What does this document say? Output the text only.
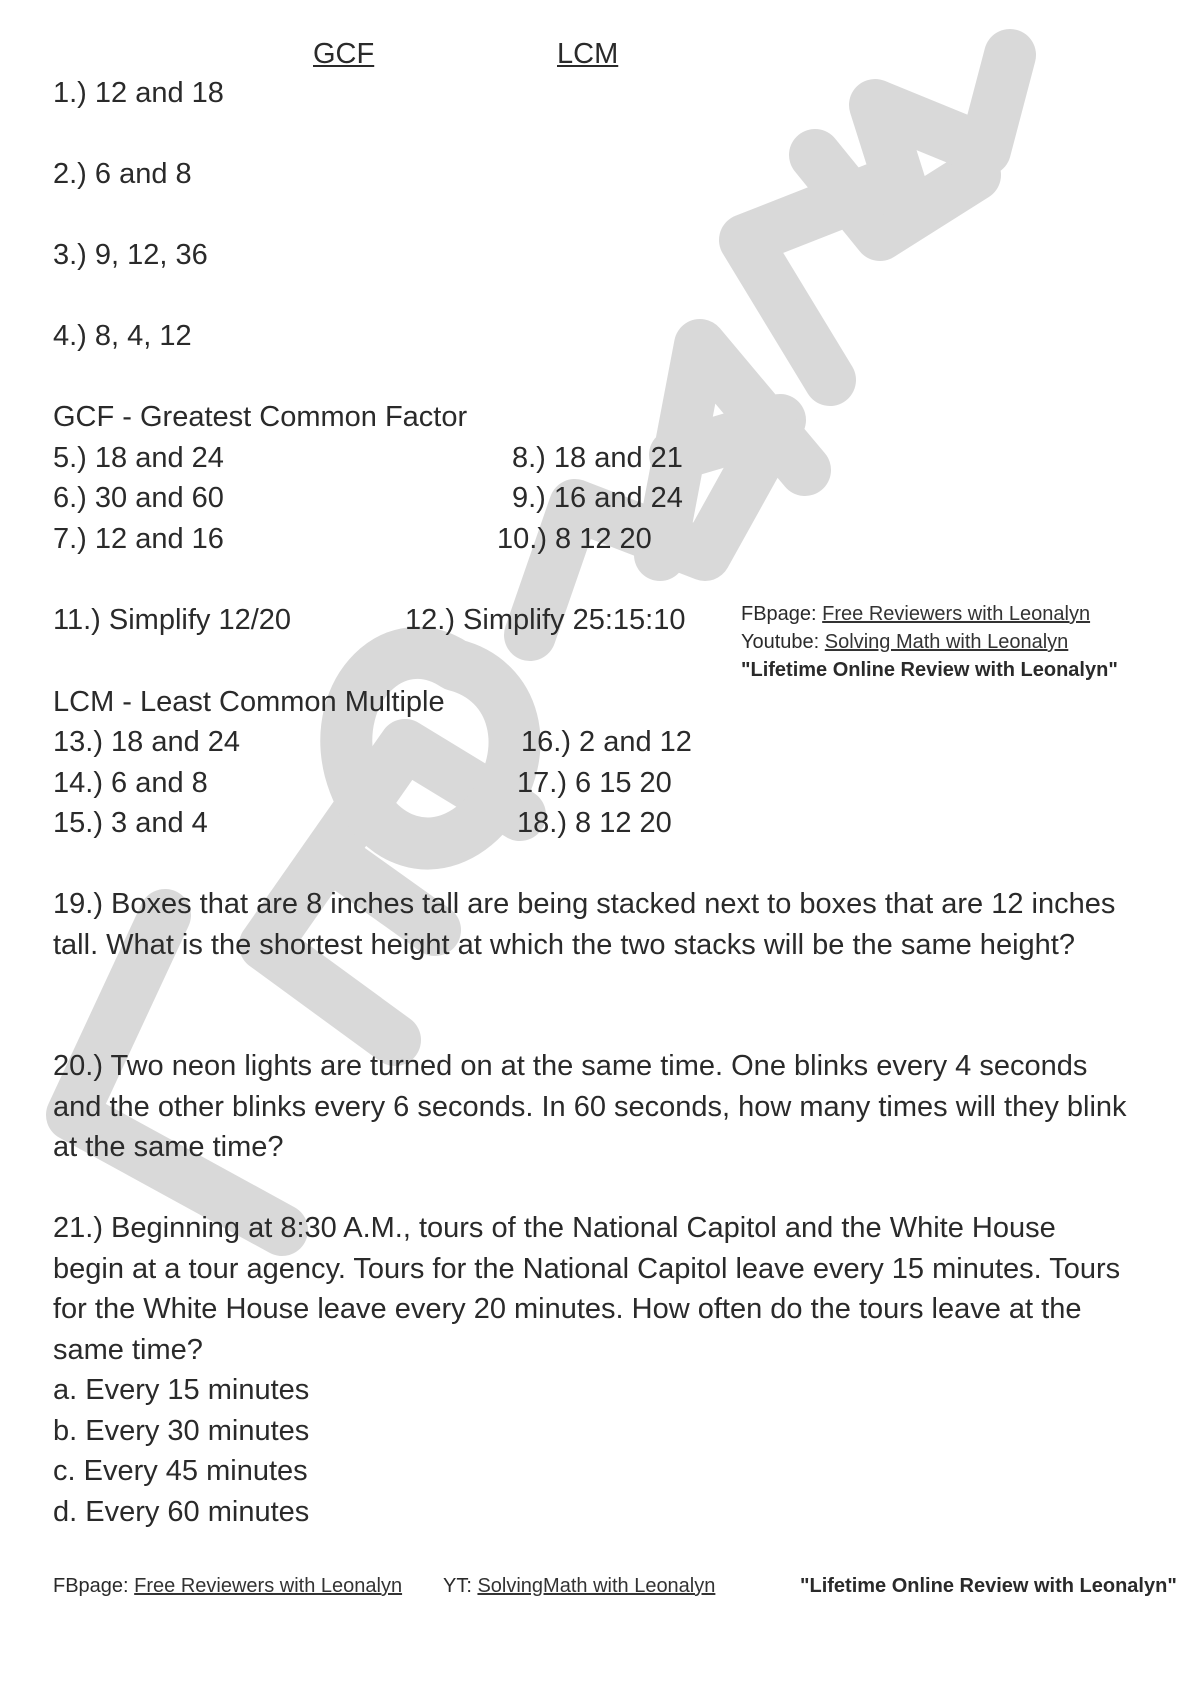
GCF	LCM
1.) 12 and 18
2.) 6 and 8
3.) 9, 12, 36
4.) 8, 4, 12
GCF - Greatest Common Factor
5.) 18 and 24
6.) 30 and 60
7.) 12 and 16
8.) 18 and 21
9.) 16 and 24
10.) 8 12 20
11.) Simplify 12/20	12.) Simplify 25:15:10	FBpage: Free Reviewers with Leonalyn
Youtube: Solving Math with Leonalyn
"Lifetime Online Review with Leonalyn"
LCM - Least Common Multiple
13.) 18 and 24
14.) 6 and 8
15.) 3 and 4
16.) 2 and 12
17.) 6 15 20
18.) 8 12 20
19.) Boxes that are 8 inches tall are being stacked next to boxes that are 12 inches tall. What is the shortest height at which the two stacks will be the same height?
20.) Two neon lights are turned on at the same time. One blinks every 4 seconds and the other blinks every 6 seconds. In 60 seconds, how many times will they blink at the same time?
21.) Beginning at 8:30 A.M., tours of the National Capitol and the White House begin at a tour agency. Tours for the National Capitol leave every 15 minutes. Tours for the White House leave every 20 minutes. How often do the tours leave at the same time?
a. Every 15 minutes
b. Every 30 minutes
c. Every 45 minutes
d. Every 60 minutes
FBpage: Free Reviewers with Leonalyn YT: SolvingMath with Leonalyn	"Lifetime Online Review with Leonalyn"
